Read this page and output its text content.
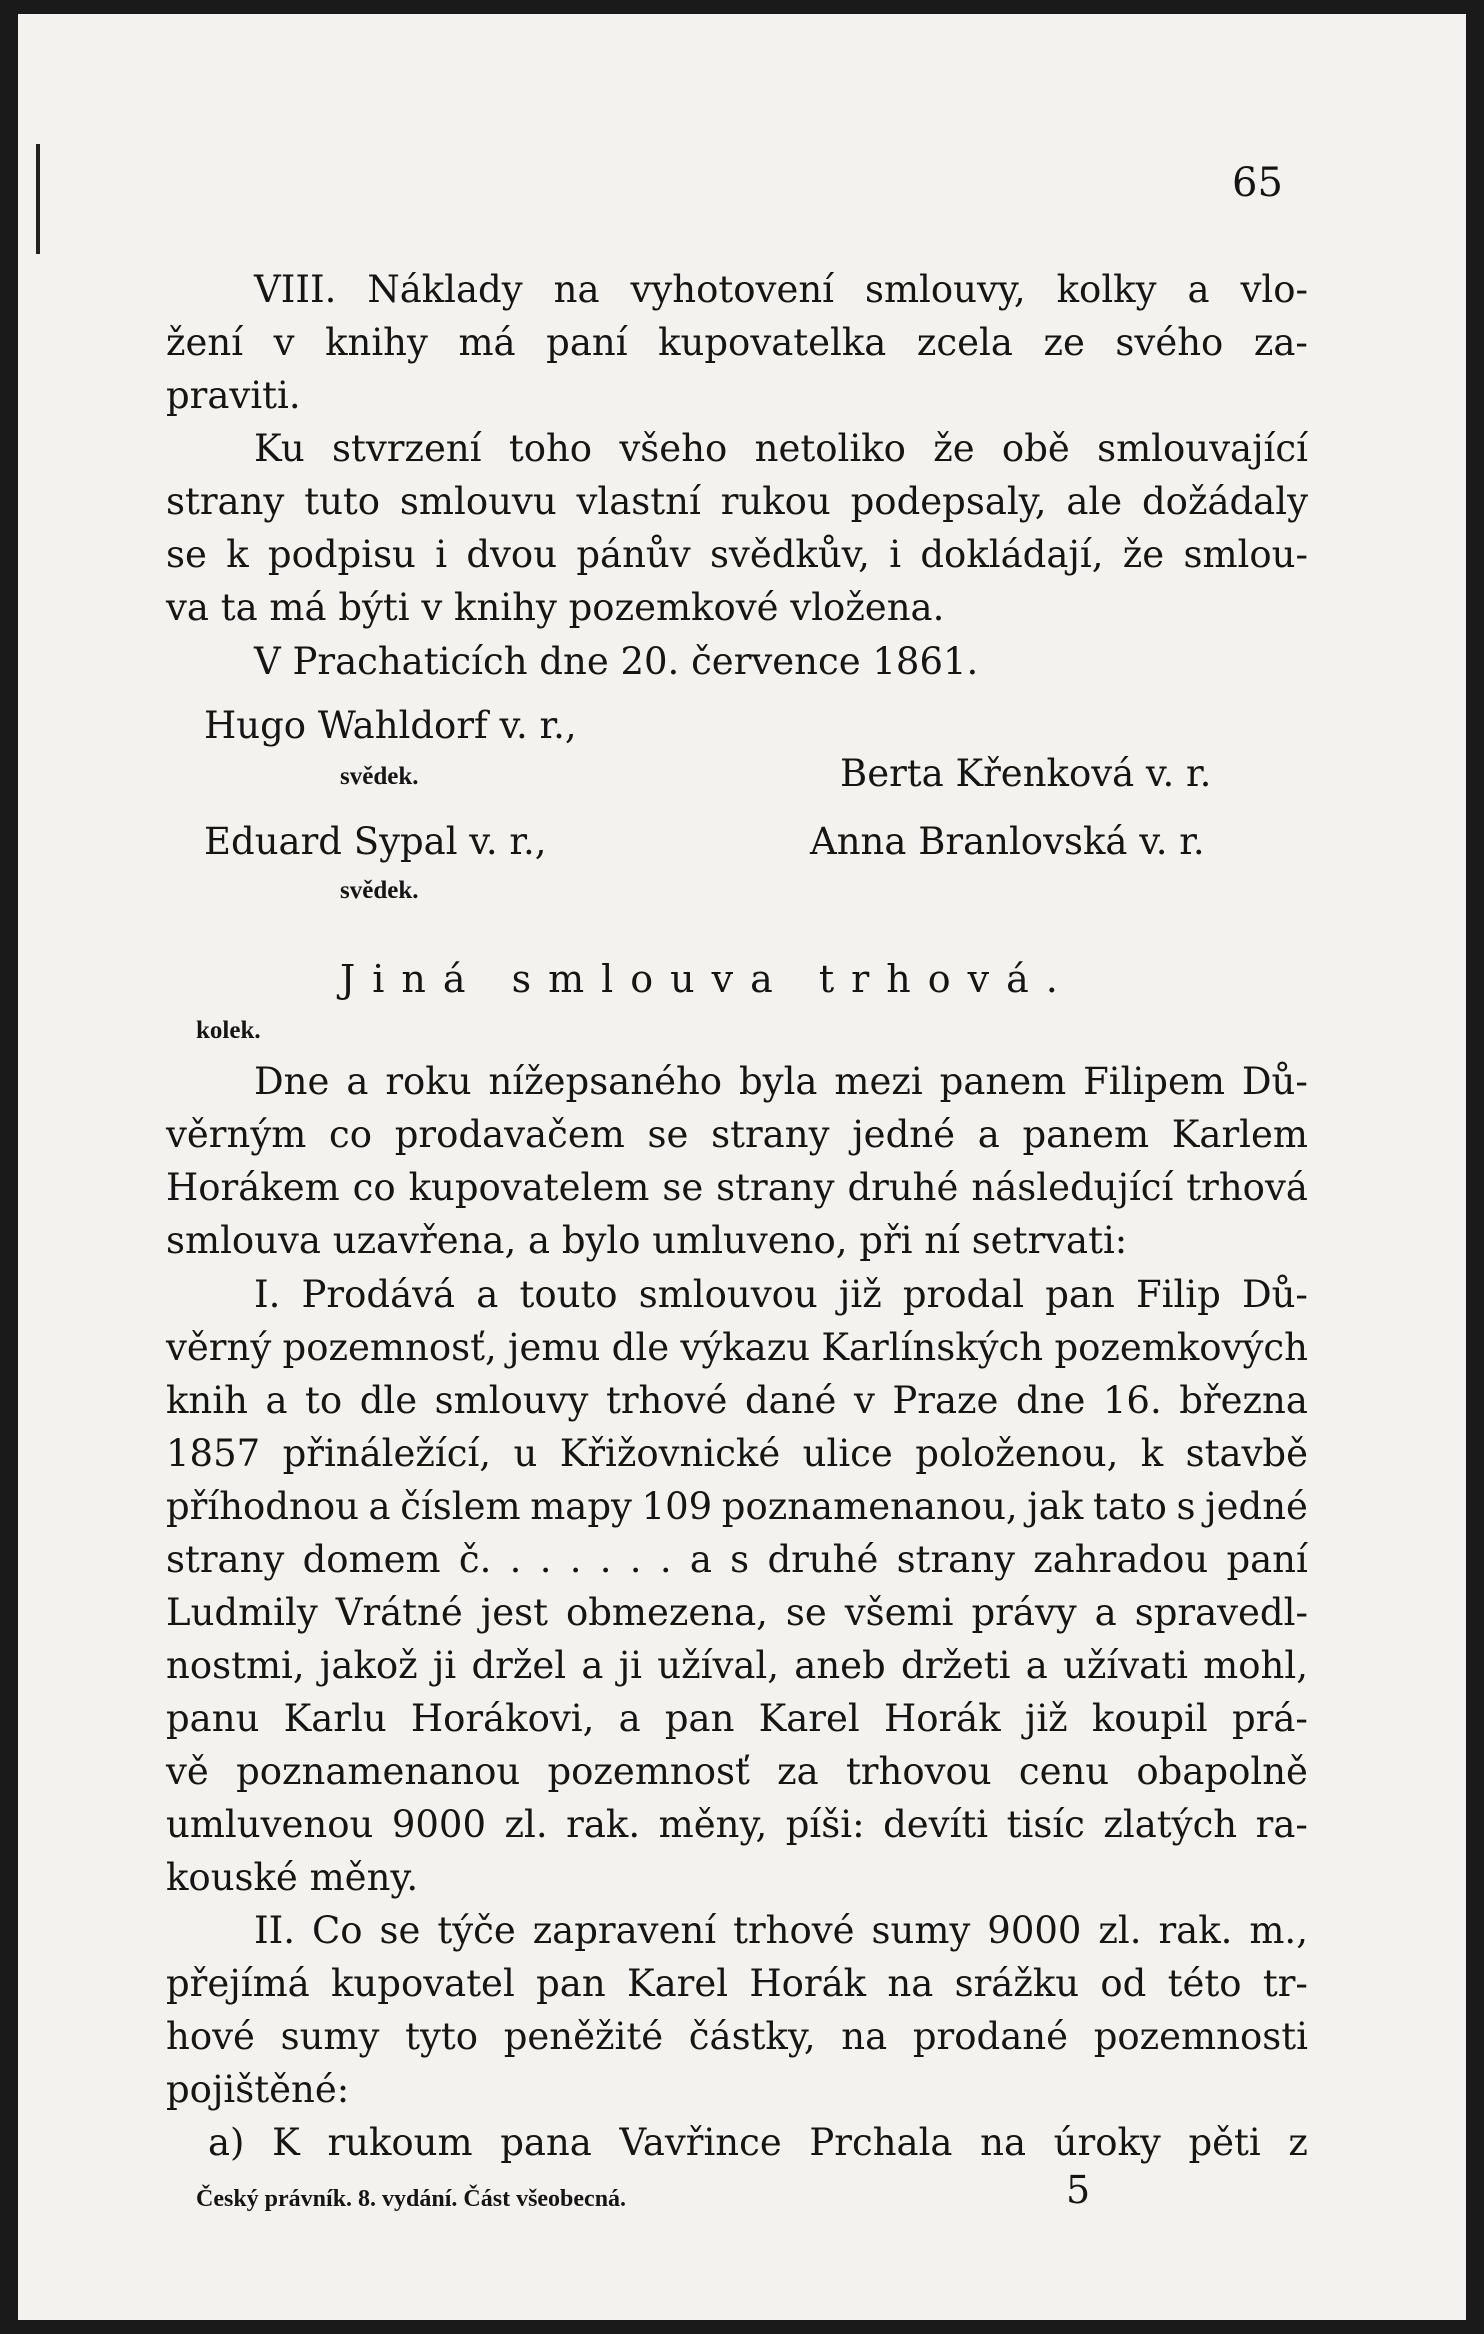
65
VIII. Náklady na vyhotovení smlouvy, kolky a vlo-
žení v knihy má paní kupovatelka zcela ze svého za-
praviti.
Ku stvrzení toho všeho netoliko že obě smlouvající
strany tuto smlouvu vlastní rukou podepsaly, ale dožádaly
se k podpisu i dvou pánův svědkův, i dokládají, že smlou-
va ta má býti v knihy pozemkové vložena.
V Prachaticích dne 20. července 1861.
Hugo Wahldorf v. r.,
svědek.	Berta Křenková v. r.
Eduard Sypal v. r.,	Anna Branlovská v. r.
svědek.
Jiná smlouva trhová.
kolek.
Dne a roku nížepsaného byla mezi panem Filipem Dů-
věrným co prodavačem se strany jedné a panem Karlem
Horákem co kupovatelem se strany druhé následující trhová
smlouva uzavřena, a bylo umluveno, při ní setrvati:
I. Prodává a touto smlouvou již prodal pan Filip Dů-
věrný pozemnosť, jemu dle výkazu Karlínských pozemkových
knih a to dle smlouvy trhové dané v Praze dne 16. března
1857 přináležící, u Křižovnické ulice položenou, k stavbě
příhodnou a číslem mapy 109 poznamenanou, jak tato s jedné
strany domem č. . . . . . . a s druhé strany zahradou paní
Ludmily Vrátné jest obmezena, se všemi právy a spravedl-
nostmi, jakož ji držel a ji užíval, aneb držeti a užívati mohl,
panu Karlu Horákovi, a pan Karel Horák již koupil prá-
vě poznamenanou pozemnosť za trhovou cenu obapolně
umluvenou 9000 zl. rak. měny, píši: devíti tisíc zlatých ra-
kouské měny.
II. Co se týče zapravení trhové sumy 9000 zl. rak. m.,
přejímá kupovatel pan Karel Horák na srážku od této tr-
hové sumy tyto peněžité částky, na prodané pozemnosti
pojištěné:
a) K rukoum pana Vavřince Prchala na úroky pěti z
Český právník. 8. vydání. Část všeobecná.	5
